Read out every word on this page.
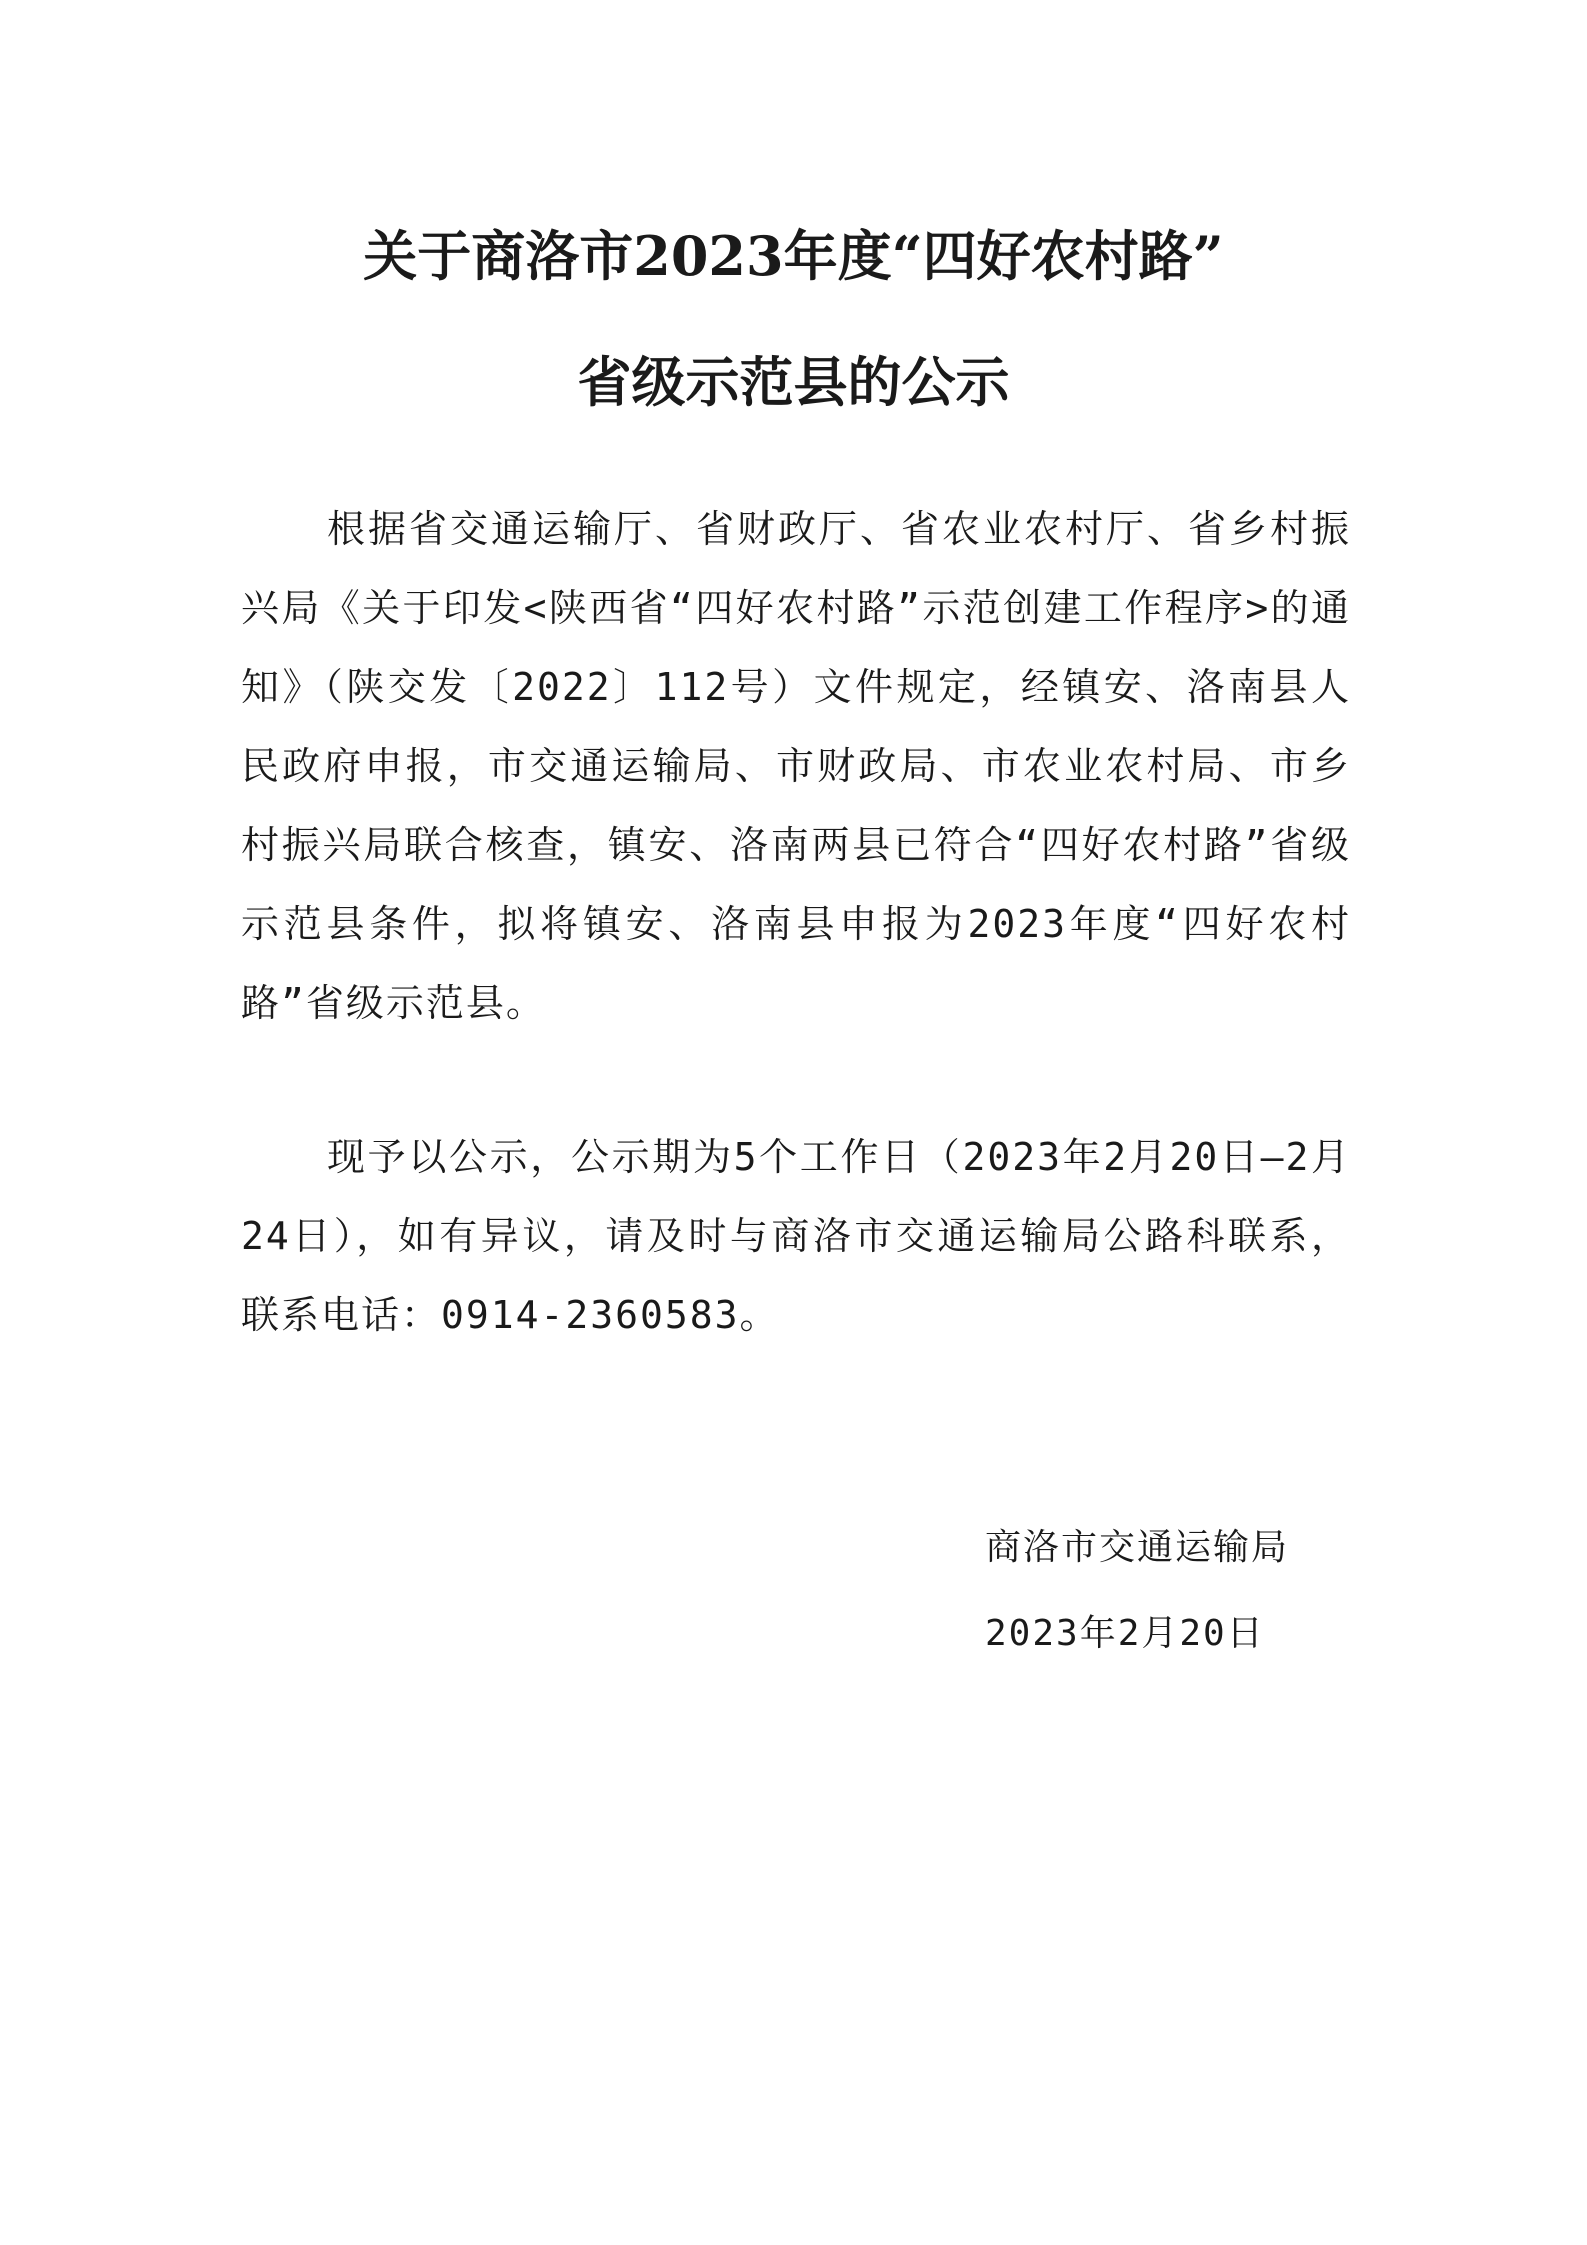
关于商洛市2023年度“四好农村路”
省级示范县的公示

根据省交通运输厅、省财政厅、省农业农村厅、省乡村振兴局《关于印发<陕西省“四好农村路”示范创建工作程序>的通知》（陕交发〔2022〕112号）文件规定，经镇安、洛南县人民政府申报，市交通运输局、市财政局、市农业农村局、市乡村振兴局联合核查，镇安、洛南两县已符合“四好农村路”省级示范县条件，拟将镇安、洛南县申报为2023年度“四好农村路”省级示范县。

现予以公示，公示期为5个工作日（2023年2月20日—2月24日），如有异议，请及时与商洛市交通运输局公路科联系，联系电话：0914-2360583。

商洛市交通运输局

2023年2月20日
